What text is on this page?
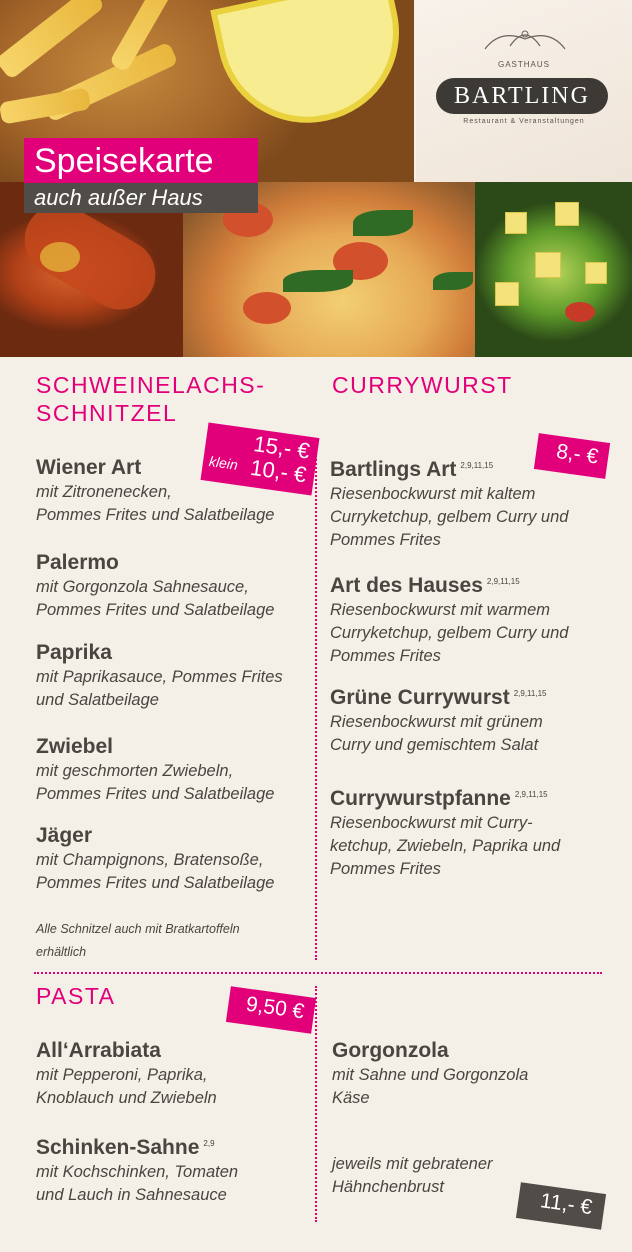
GASTHAUS
BARTLING
Restaurant & Veranstaltungen
Speisekarte
auch außer Haus
SCHWEINELACHS-
SCHNITZEL
15,- €
klein 10,- €
Wiener Art
mit Zitronenecken,
Pommes Frites und Salatbeilage
Palermo
mit Gorgonzola Sahnesauce,
Pommes Frites und Salatbeilage
Paprika
mit Paprikasauce, Pommes Frites
und Salatbeilage
Zwiebel
mit geschmorten Zwiebeln,
Pommes Frites und Salatbeilage
Jäger
mit Champignons, Bratensoße,
Pommes Frites und Salatbeilage
Alle Schnitzel auch mit Bratkartoffeln
erhältlich
CURRYWURST
8,- €
Bartlings Art $^{2,9,11,15}$
Riesenbockwurst mit kaltem
Curryketchup, gelbem Curry und
Pommes Frites
Art des Hauses $^{2,9,11,15}$
Riesenbockwurst mit warmem
Curryketchup, gelbem Curry und
Pommes Frites
Grüne Currywurst $^{2,9,11,15}$
Riesenbockwurst mit grünem
Curry und gemischtem Salat
Currywurstpfanne $^{2,9,11,15}$
Riesenbockwurst mit Curry-
ketchup, Zwiebeln, Paprika und
Pommes Frites
PASTA	9,50 €
All‘Arrabiata
mit Pepperoni, Paprika,
Knoblauch und Zwiebeln
Schinken-Sahne $^{2,9}$
mit Kochschinken, Tomaten
und Lauch in Sahnesauce
Gorgonzola
mit Sahne und Gorgonzola
Käse
jeweils mit gebratener
Hähnchenbrust
11,- €
